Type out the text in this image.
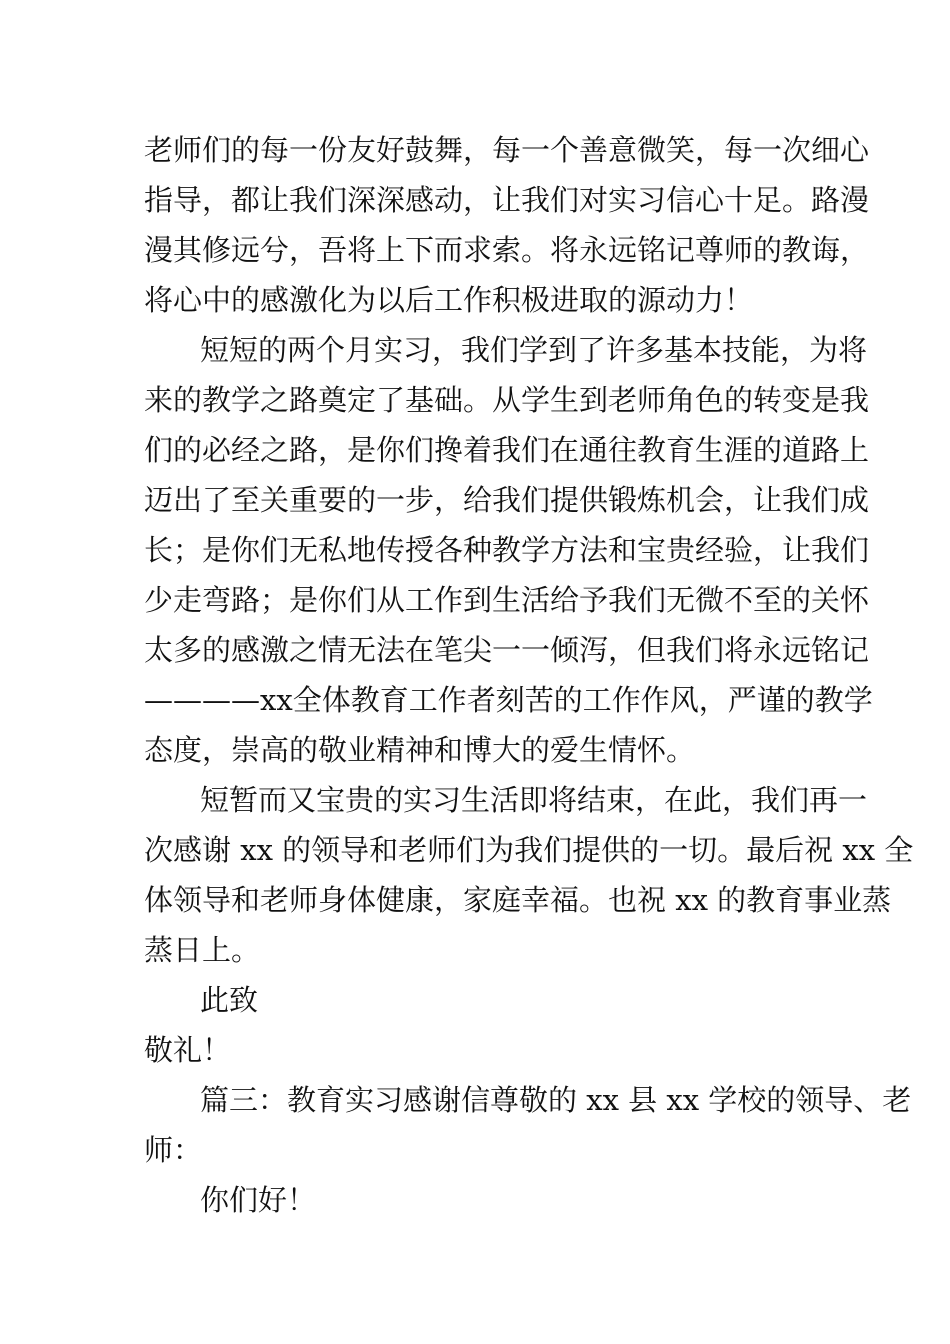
老师们的每一份友好鼓舞，每一个善意微笑，每一次细心
指导，都让我们深深感动，让我们对实习信心十足。路漫
漫其修远兮，吾将上下而求索。将永远铭记尊师的教诲，
将心中的感激化为以后工作积极进取的源动力！
短短的两个月实习，我们学到了许多基本技能，为将
来的教学之路奠定了基础。从学生到老师角色的转变是我
们的必经之路，是你们搀着我们在通往教育生涯的道路上
迈出了至关重要的一步，给我们提供锻炼机会，让我们成
长；是你们无私地传授各种教学方法和宝贵经验，让我们
少走弯路；是你们从工作到生活给予我们无微不至的关怀
太多的感激之情无法在笔尖一一倾泻，但我们将永远铭记
————xx全体教育工作者刻苦的工作作风，严谨的教学
态度，崇高的敬业精神和博大的爱生情怀。
短暂而又宝贵的实习生活即将结束，在此，我们再一
次感谢 xx 的领导和老师们为我们提供的一切。最后祝 xx 全
体领导和老师身体健康，家庭幸福。也祝 xx 的教育事业蒸
蒸日上。
此致
敬礼！
篇三：教育实习感谢信尊敬的 xx 县 xx 学校的领导、老
师：
你们好！
